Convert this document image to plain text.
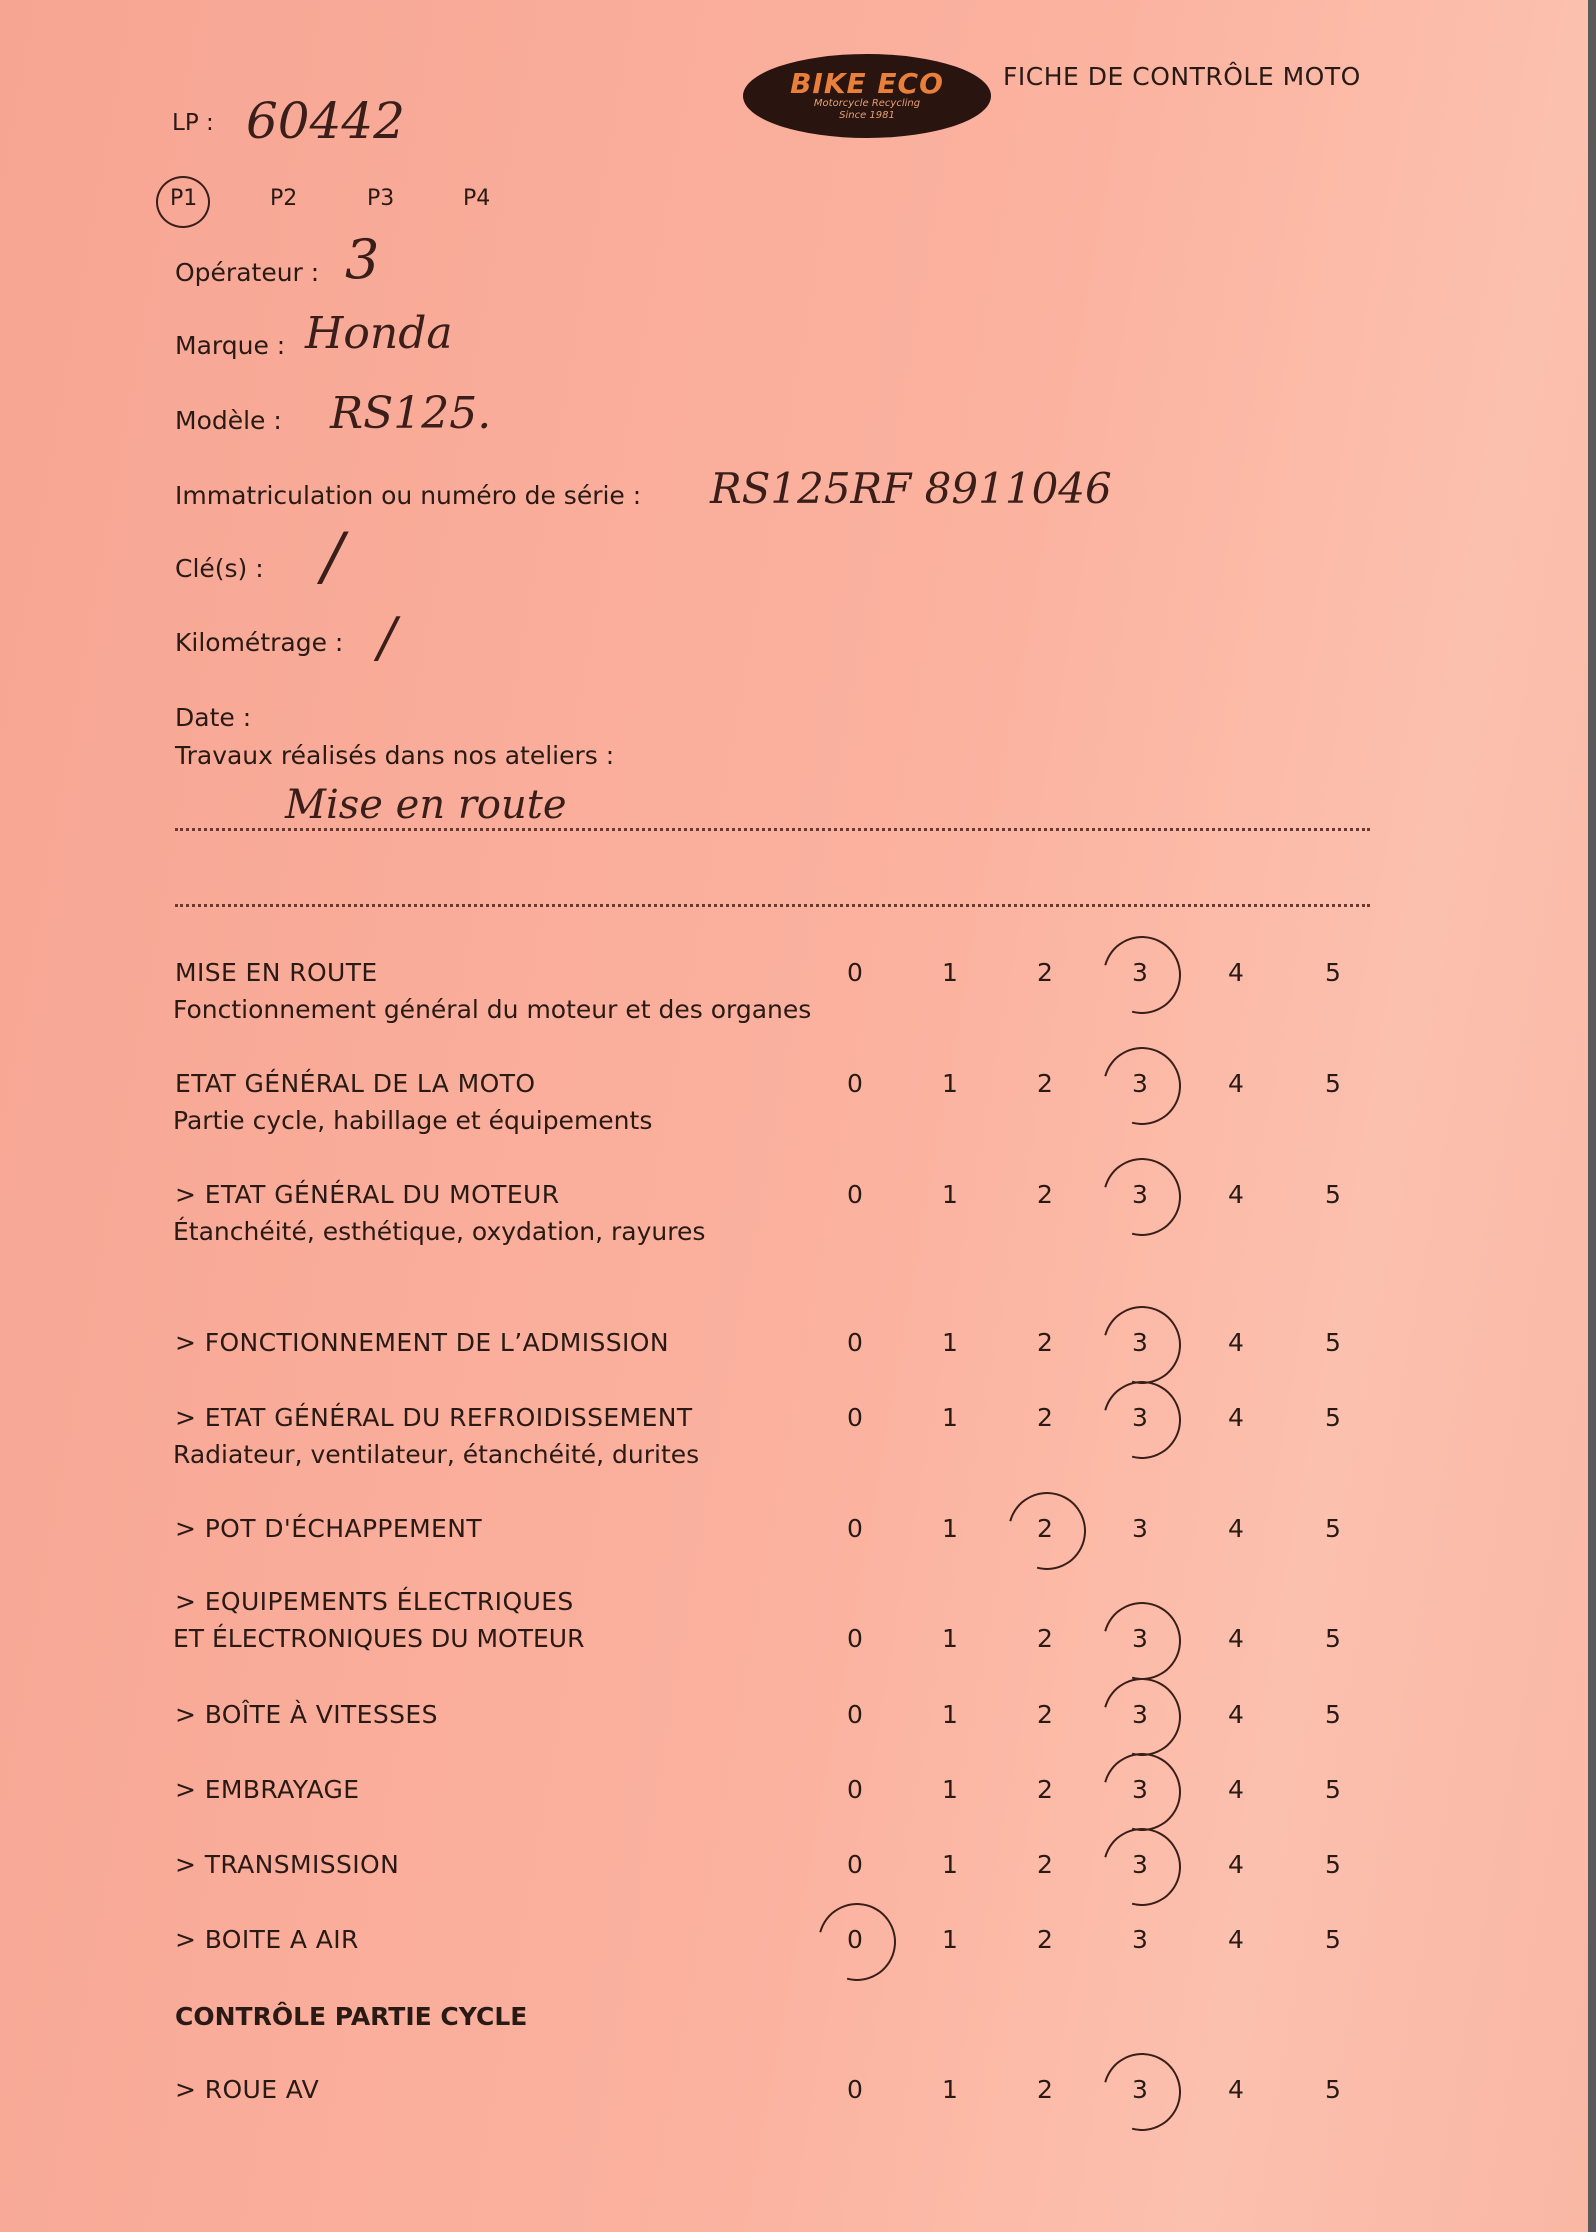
BIKE ECO
Motorcycle Recycling
Since 1981
FICHE DE CONTRÔLE MOTO
LP : 60442
P1	P2	P3	P4
Opérateur : 3
Marque : Honda
Modèle : RS125.
Immatriculation ou numéro de série : RS125RF 8911046
Clé(s) : /
Kilométrage : /
Date :
Travaux réalisés dans nos ateliers :
Mise en route
MISE EN ROUTE
Fonctionnement général du moteur et des organes
0	1	2	3	4	5
ETAT GÉNÉRAL DE LA MOTO
Partie cycle, habillage et équipements
0	1	2	3	4	5
> ETAT GÉNÉRAL DU MOTEUR
Étanchéité, esthétique, oxydation, rayures
0	1	2	3	4	5
> FONCTIONNEMENT DE L’ADMISSION	0	1	2	3	4	5
> ETAT GÉNÉRAL DU REFROIDISSEMENT
Radiateur, ventilateur, étanchéité, durites
0	1	2	3	4	5
> POT D'ÉCHAPPEMENT	0	1	2	3	4	5
> EQUIPEMENTS ÉLECTRIQUES
ET ÉLECTRONIQUES DU MOTEUR	0	1	2	3	4	5
> BOÎTE À VITESSES	0	1	2	3	4	5
> EMBRAYAGE	0	1	2	3	4	5
> TRANSMISSION	0	1	2	3	4	5
> BOITE A AIR	0	1	2	3	4	5
CONTRÔLE PARTIE CYCLE
> ROUE AV	0	1	2	3	4	5
